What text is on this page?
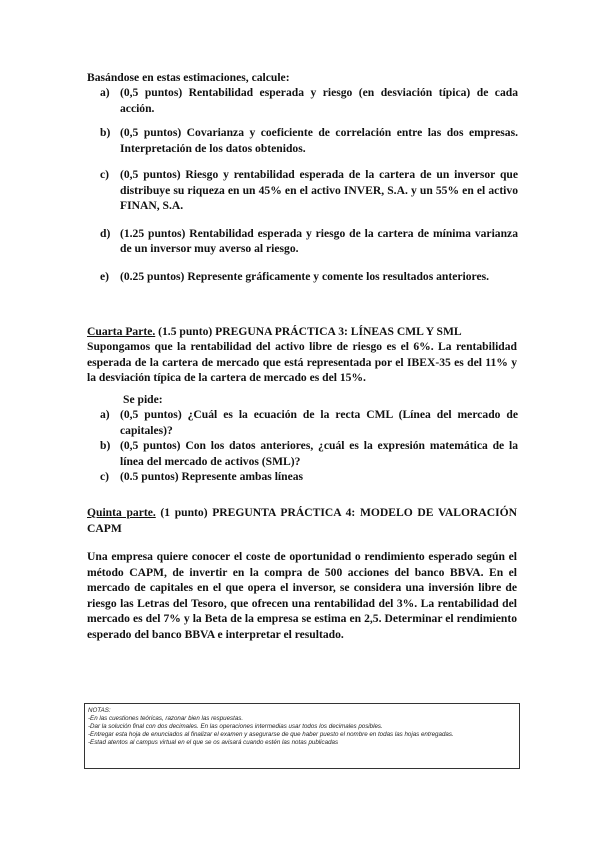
Basándose en estas estimaciones, calcule:
a) (0,5 puntos) Rentabilidad esperada y riesgo (en desviación típica) de cada acción.
b) (0,5 puntos) Covarianza y coeficiente de correlación entre las dos empresas. Interpretación de los datos obtenidos.
c) (0,5 puntos) Riesgo y rentabilidad esperada de la cartera de un inversor que distribuye su riqueza en un 45% en el activo INVER, S.A. y un 55% en el activo FINAN, S.A.
d) (1.25 puntos) Rentabilidad esperada y riesgo de la cartera de mínima varianza de un inversor muy averso al riesgo.
e) (0.25 puntos) Represente gráficamente y comente los resultados anteriores.
Cuarta Parte. (1.5 punto) PREGUNA PRÁCTICA 3: LÍNEAS CML Y SML
Supongamos que la rentabilidad del activo libre de riesgo es el 6%. La rentabilidad esperada de la cartera de mercado que está representada por el IBEX-35 es del 11% y la desviación típica de la cartera de mercado es del 15%.
Se pide:
a) (0,5 puntos) ¿Cuál es la ecuación de la recta CML (Línea del mercado de capitales)?
b) (0,5 puntos) Con los datos anteriores, ¿cuál es la expresión matemática de la línea del mercado de activos (SML)?
c) (0.5 puntos) Represente ambas líneas
Quinta parte. (1 punto) PREGUNTA PRÁCTICA 4: MODELO DE VALORACIÓN CAPM
Una empresa quiere conocer el coste de oportunidad o rendimiento esperado según el método CAPM, de invertir en la compra de 500 acciones del banco BBVA. En el mercado de capitales en el que opera el inversor, se considera una inversión libre de riesgo las Letras del Tesoro, que ofrecen una rentabilidad del 3%. La rentabilidad del mercado es del 7% y la Beta de la empresa se estima en 2,5. Determinar el rendimiento esperado del banco BBVA e interpretar el resultado.
NOTAS:
-En las cuestiones teóricas, razonar bien las respuestas.
-Dar la solución final con dos decimales. En las operaciones intermedias usar todos los decimales posibles.
-Entregar esta hoja de enunciados al finalizar el examen y asegurarse de que haber puesto el nombre en todas las hojas entregadas.
-Estad atentos al campus virtual en el que se os avisará cuando estén las notas publicadas
